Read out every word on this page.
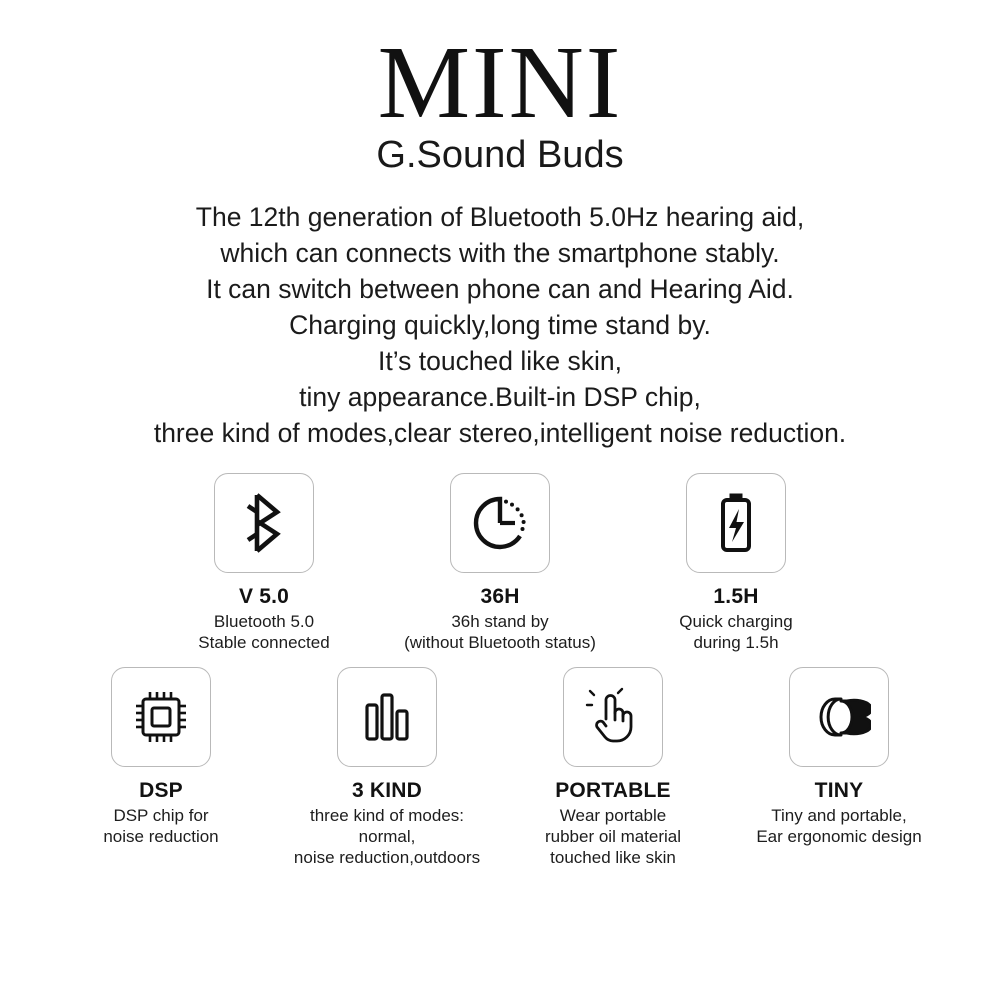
MINI
G.Sound Buds
The 12th generation of Bluetooth 5.0Hz hearing aid,
which can connects with the smartphone stably.
It can switch between phone can and Hearing Aid.
Charging quickly,long time stand by.
It’s touched like skin,
tiny appearance.Built-in DSP chip,
three kind of modes,clear stereo,intelligent noise reduction.
V 5.0
Bluetooth 5.0
Stable connected
36H
36h stand by
(without Bluetooth status)
1.5H
Quick charging
during 1.5h
DSP
DSP chip for
noise reduction
3 KIND
three kind of modes:
normal,
noise reduction,outdoors
PORTABLE
Wear portable
rubber oil material
touched like skin
TINY
Tiny and portable,
Ear ergonomic design
